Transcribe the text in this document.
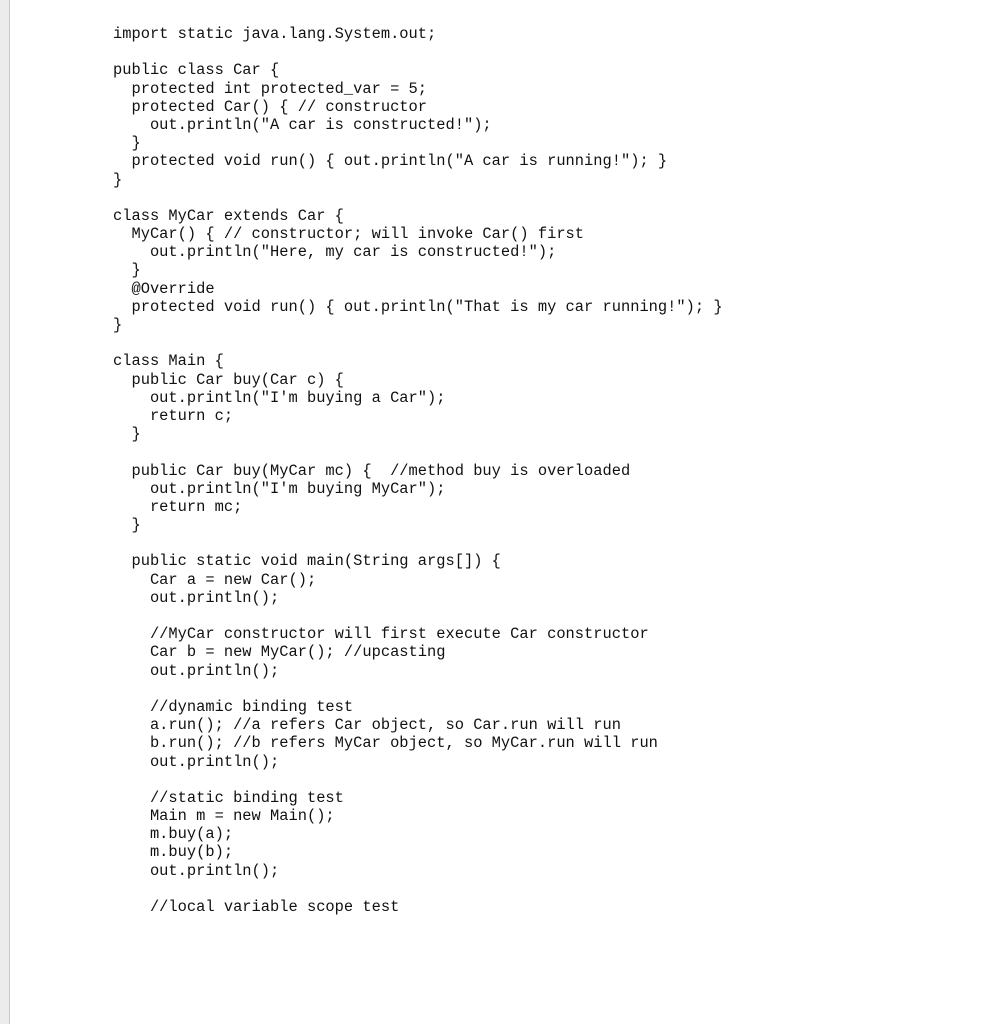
import static java.lang.System.out;
public class Car {
protected int protected_var = 5;
protected Car() { // constructor
out.println("A car is constructed!");
}
protected void run() { out.println("A car is running!"); }
}
class MyCar extends Car {
MyCar() { // constructor; will invoke Car() first
out.println("Here, my car is constructed!");
}
@Override
protected void run() { out.println("That is my car running!"); }
}
class Main {
public Car buy(Car c) {
out.println("I'm buying a Car");
return c;
}
public Car buy(MyCar mc) {  //method buy is overloaded
out.println("I'm buying MyCar");
return mc;
}
public static void main(String args[]) {
Car a = new Car();
out.println();
//MyCar constructor will first execute Car constructor
Car b = new MyCar(); //upcasting
out.println();
//dynamic binding test
a.run(); //a refers Car object, so Car.run will run
b.run(); //b refers MyCar object, so MyCar.run will run
out.println();
//static binding test
Main m = new Main();
m.buy(a);
m.buy(b);
out.println();
//local variable scope test
